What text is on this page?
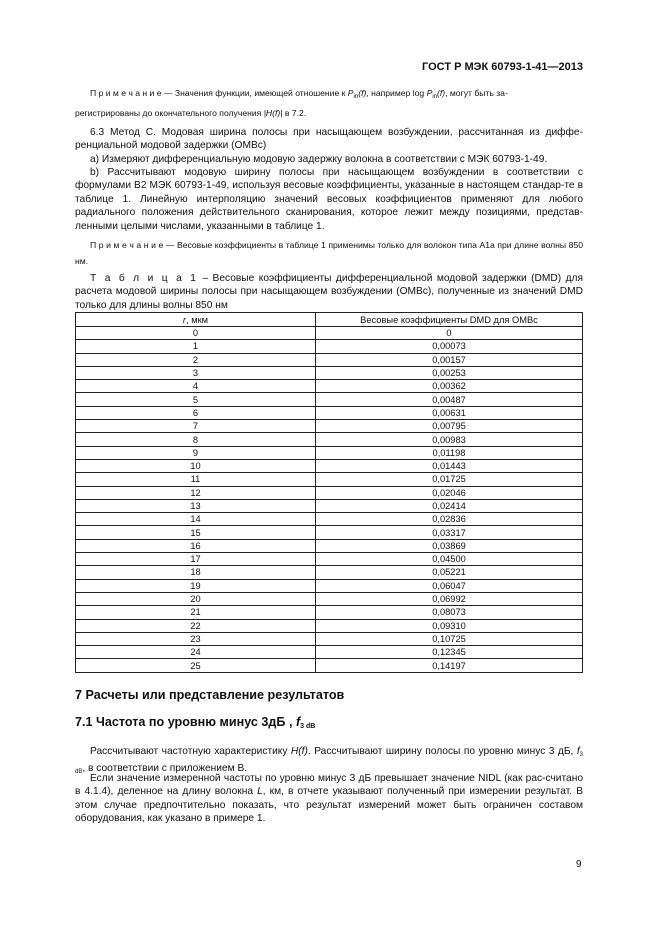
ГОСТ Р МЭК 60793-1-41—2013
П р и м е ч а н и е — Значения функции, имеющей отношение к $P_{in}(f)$, например $\log P_{in}(f)$, могут быть за-
регистрированы до окончательного получения |H(f)| в 7.2.
6.3 Метод C. Модовая ширина полосы при насыщающем возбуждении, рассчитанная из диффе-ренциальной модовой задержки (OMBc)
а) Измеряют дифференциальную модовую задержку волокна в соответствии с МЭК 60793-1-49.
b) Рассчитывают модовую ширину полосы при насыщающем возбуждении в соответствии с формулами B2 МЭК 60793-1-49, используя весовые коэффициенты, указанные в настоящем стандар-те в таблице 1. Линейную интерполяцию значений весовых коэффициентов применяют для любого радиального положения действительного сканирования, которое лежит между позициями, представ-ленными целыми числами, указанными в таблице 1.
П р и м е ч а н и е — Весовые коэффициенты в таблице 1 применимы только для волокон типа A1a при длине волны 850 нм.
Т а б л и ц а 1 – Весовые коэффициенты дифференциальной модовой задержки (DMD) для расчета модовой ширины полосы при насыщающем возбуждении (OMBc), полученные из значений DMD только для длины волны 850 нм
r, мкм	Весовые коэффициенты DMD для OMBc
0	0
1	0,00073
2	0,00157
3	0,00253
4	0,00362
5	0,00487
6	0,00631
7	0,00795
8	0,00983
9	0,01198
10	0,01443
11	0,01725
12	0,02046
13	0,02414
14	0,02836
15	0,03317
16	0,03869
17	0,04500
18	0,05221
19	0,06047
20	0,06992
21	0,08073
22	0,09310
23	0,10725
24	0,12345
25	0,14197
7 Расчеты или представление результатов
7.1 Частота по уровню минус 3дБ , $f_{3 dB}$
Рассчитывают частотную характеристику H(f). Рассчитывают ширину полосы по уровню минус 3 дБ, $f_{3 dB}$, в соответствии с приложением B.
Если значение измеренной частоты по уровню минус 3 дБ превышает значение NIDL (как рас-считано в 4.1.4), деленное на длину волокна L, км, в отчете указывают полученный при измерении результат. В этом случае предпочтительно показать, что результат измерений может быть ограничен составом оборудования, как указано в примере 1.
9
